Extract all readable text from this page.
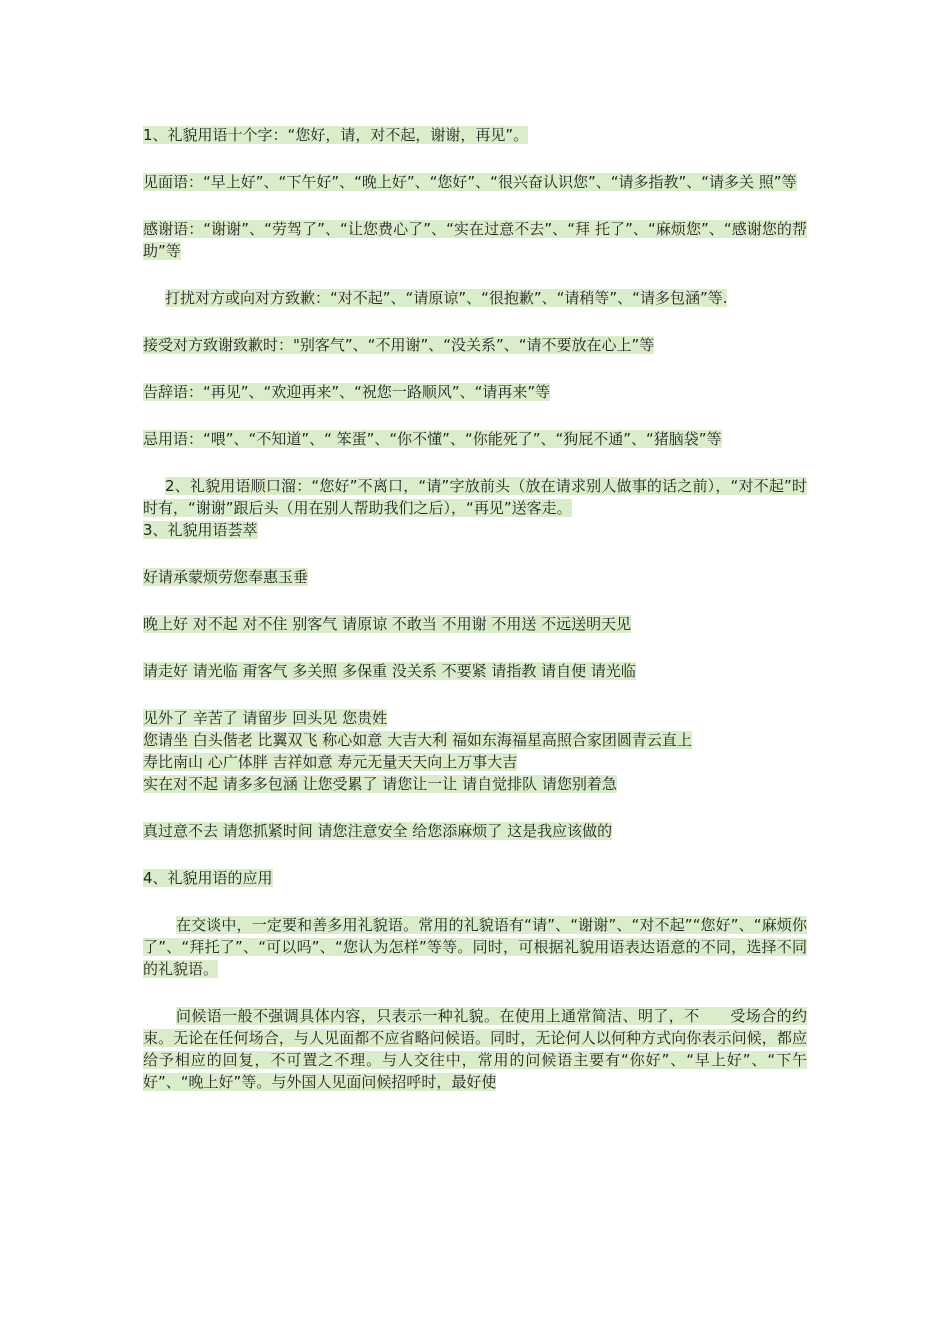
1、礼貌用语十个字：“您好，请，对不起，谢谢，再见”。
见面语：“早上好”、“下午好”、“晚上好”、“您好”、“很兴奋认识您”、“请多指教”、“请多关 照”等
感谢语：“谢谢”、“劳驾了”、“让您费心了”、“实在过意不去”、“拜 托了”、“麻烦您”、“感谢您的帮助”等
打扰对方或向对方致歉：“对不起”、“请原谅”、“很抱歉”、“请稍等”、“请多包涵”等.
接受对方致谢致歉时："别客气”、“不用谢”、“没关系”、“请不要放在心上”等
告辞语：“再见”、“欢迎再来”、“祝您一路顺风”、“请再来”等
忌用语：“喂”、“不知道”、“ 笨蛋”、“你不懂”、“你能死了”、“狗屁不通”、“猪脑袋”等
2、礼貌用语顺口溜：“您好”不离口，“请”字放前头（放在请求别人做事的话之前），“对不起”时时有，“谢谢”跟后头（用在别人帮助我们之后），“再见”送客走。
3、礼貌用语荟萃
好请承蒙烦劳您奉惠玉垂
晚上好 对不起 对不住 别客气 请原谅 不敢当 不用谢 不用送 不远送明天见
请走好 请光临 甭客气 多关照 多保重 没关系 不要紧 请指教 请自便 请光临
见外了 辛苦了 请留步 回头见 您贵姓
您请坐 白头偕老 比翼双飞 称心如意 大吉大利 福如东海福星高照合家团圆青云直上
寿比南山 心广体胖 吉祥如意 寿元无量天天向上万事大吉
实在对不起 请多多包涵 让您受累了 请您让一让 请自觉排队 请您别着急
真过意不去 请您抓紧时间 请您注意安全 给您添麻烦了 这是我应该做的
4、礼貌用语的应用
在交谈中，一定要和善多用礼貌语。常用的礼貌语有“请”、“谢谢”、“对不起”“您好”、“麻烦你了”、“拜托了”、“可以吗”、“您认为怎样”等等。同时，可根据礼貌用语表达语意的不同，选择不同的礼貌语。
问候语一般不强调具体内容，只表示一种礼貌。在使用上通常简洁、明了，不　　受场合的约束。无论在任何场合，与人见面都不应省略问候语。同时，无论何人以何种方式向你表示问候，都应给予相应的回复，不可置之不理。与人交往中，常用的问候语主要有“你好”、“早上好”、“下午好”、“晚上好”等。与外国人见面问候招呼时，最好使
